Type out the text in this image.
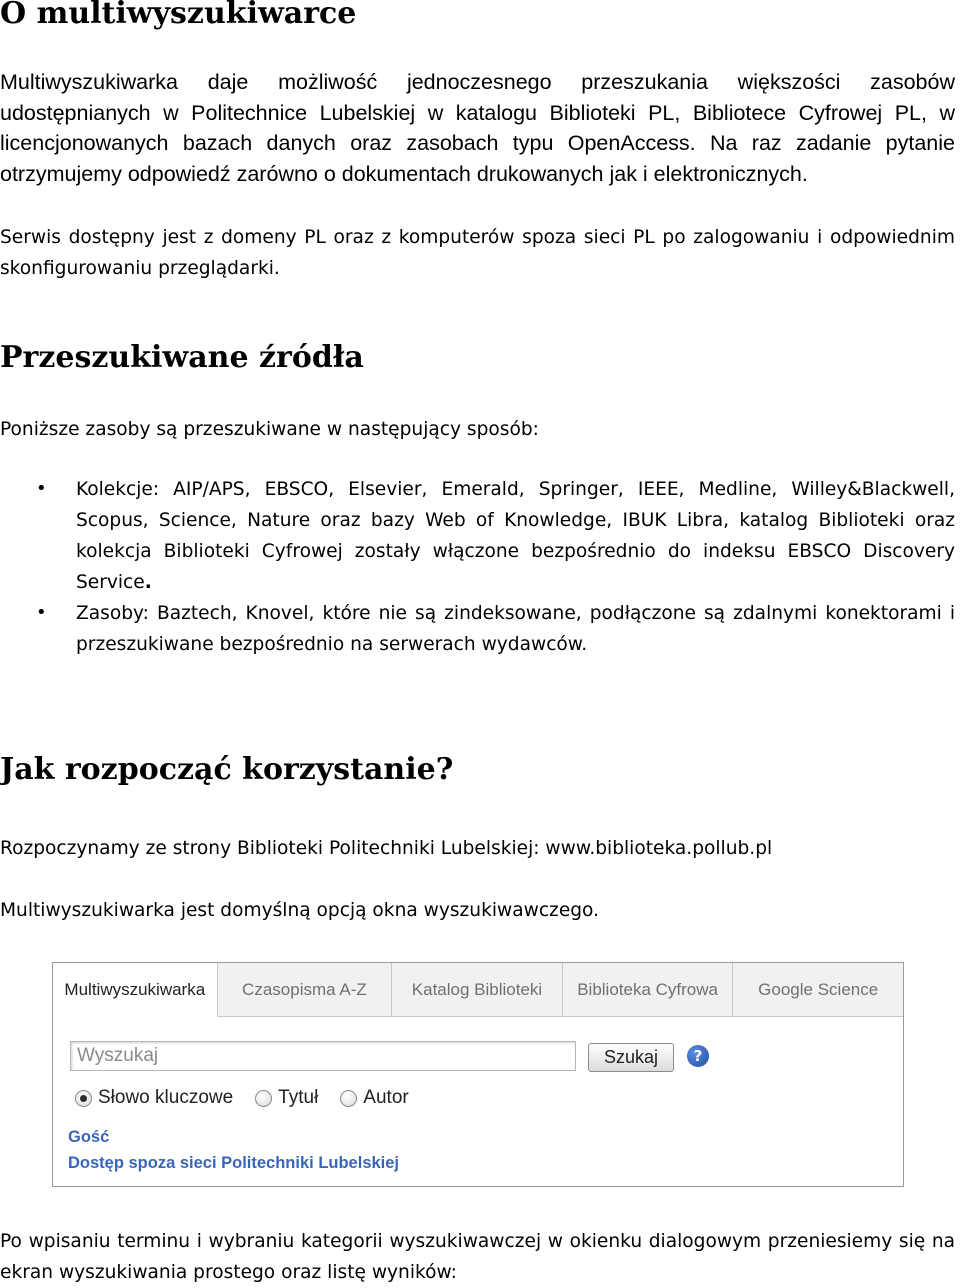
O multiwyszukiwarce

Multiwyszukiwarka daje możliwość jednoczesnego przeszukania większości zasobów udostępnianych w Politechnice Lubelskiej w katalogu Biblioteki PL, Bibliotece Cyfrowej PL, w licencjonowanych bazach danych oraz zasobach typu OpenAccess. Na raz zadanie pytanie otrzymujemy odpowiedź zarówno o dokumentach drukowanych jak i elektronicznych.

Serwis dostępny jest z domeny PL oraz z komputerów spoza sieci PL po zalogowaniu i odpowiednim skonfigurowaniu przeglądarki.

Przeszukiwane źródła
Poniższe zasoby są przeszukiwane w następujący sposób:
• Kolekcje: AIP/APS, EBSCO, Elsevier, Emerald, Springer, IEEE, Medline, Willey&Blackwell, Scopus, Science, Nature oraz bazy Web of Knowledge, IBUK Libra, katalog Biblioteki oraz kolekcja Biblioteki Cyfrowej zostały włączone bezpośrednio do indeksu EBSCO Discovery Service.

• Zasoby: Baztech, Knovel, które nie są zindeksowane, podłączone są zdalnymi konektorami i przeszukiwane bezpośrednio na serwerach wydawców.

Jak rozpocząć korzystanie?
Rozpoczynamy ze strony Biblioteki Politechniki Lubelskiej: www.biblioteka.pollub.pl
Multiwyszukiwarka jest domyślną opcją okna wyszukiwawczego.
Multiwyszukiwarka	Czasopisma A-Z	Katalog Biblioteki	Biblioteka Cyfrowa	Google Science
Wyszukaj
Szukaj	?
Słowo kluczowe Tytuł Autor
Gość
Dostęp spoza sieci Politechniki Lubelskiej

Po wpisaniu terminu i wybraniu kategorii wyszukiwawczej w okienku dialogowym przeniesiemy się na ekran wyszukiwania prostego oraz listę wyników:
